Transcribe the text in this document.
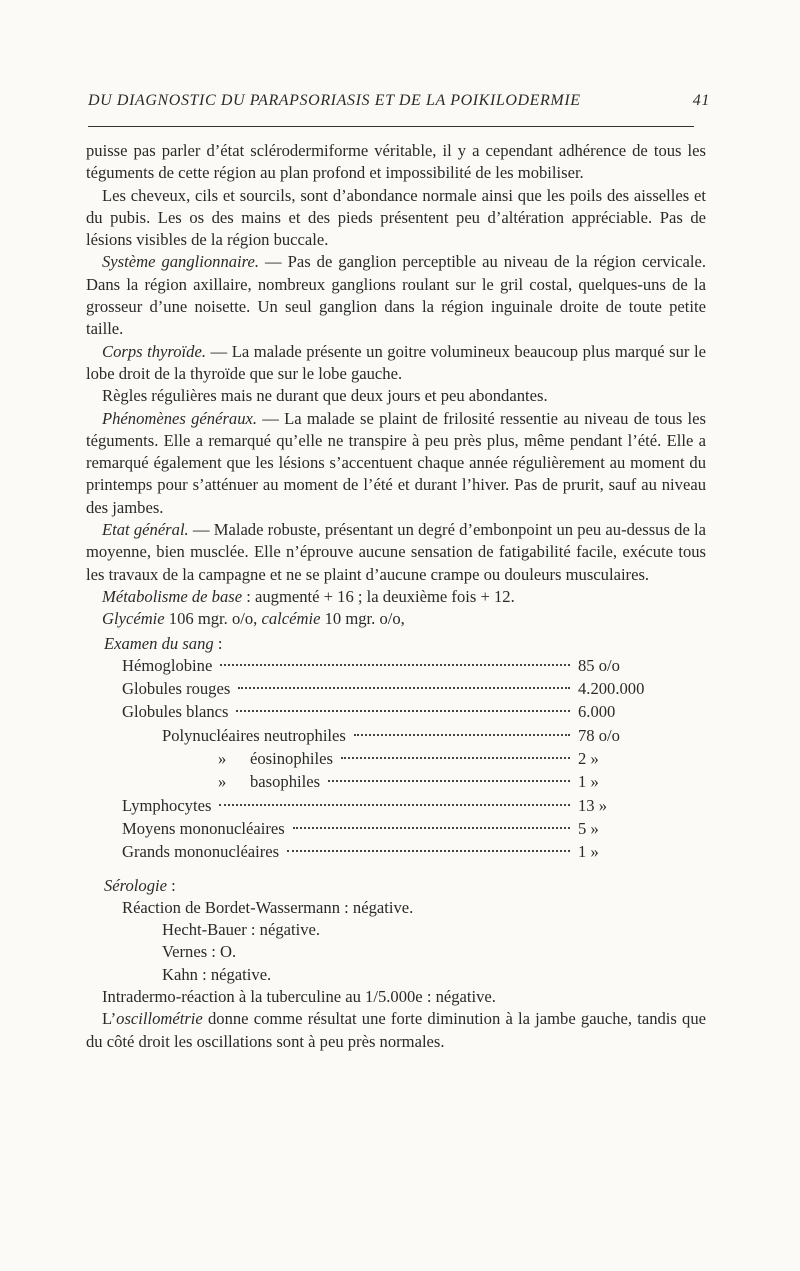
DU DIAGNOSTIC DU PARAPSORIASIS ET DE LA POIKILODERMIE	41

puisse pas parler d’état sclérodermiforme véritable, il y a cependant adhérence de tous les téguments de cette région au plan profond et impossibilité de les mobiliser.

Les cheveux, cils et sourcils, sont d’abondance normale ainsi que les poils des aisselles et du pubis. Les os des mains et des pieds présentent peu d’altération appréciable. Pas de lésions visibles de la région buccale.

Système ganglionnaire. — Pas de ganglion perceptible au niveau de la région cervicale. Dans la région axillaire, nombreux ganglions roulant sur le gril costal, quelques-uns de la grosseur d’une noisette. Un seul ganglion dans la région inguinale droite de toute petite taille.

Corps thyroïde. — La malade présente un goitre volumineux beaucoup plus marqué sur le lobe droit de la thyroïde que sur le lobe gauche.

Règles régulières mais ne durant que deux jours et peu abondantes.

Phénomènes généraux. — La malade se plaint de frilosité ressentie au niveau de tous les téguments. Elle a remarqué qu’elle ne transpire à peu près plus, même pendant l’été. Elle a remarqué également que les lésions s’accentuent chaque année régulièrement au moment du printemps pour s’atténuer au moment de l’été et durant l’hiver. Pas de prurit, sauf au niveau des jambes.

Etat général. — Malade robuste, présentant un degré d’embonpoint un peu au-dessus de la moyenne, bien musclée. Elle n’éprouve aucune sensation de fatigabilité facile, exécute tous les travaux de la campagne et ne se plaint d’aucune crampe ou douleurs musculaires.

Métabolisme de base : augmenté + 16 ; la deuxième fois + 12.

Glycémie 106 mgr. o/o, calcémie 10 mgr. o/o,

Examen du sang :
Hémoglobine	85 o/o
Globules rouges	4.200.000
Globules blancs	6.000
Polynucléaires neutrophiles	78 o/o
» éosinophiles	2 »
» basophiles	1 »
Lymphocytes	13 »
Moyens mononucléaires	5 »
Grands mononucléaires	1 »
Sérologie :
Réaction de Bordet-Wassermann : négative.
Hecht-Bauer : négative.
Vernes : O.
Kahn : négative.

Intradermo-réaction à la tuberculine au 1/5.000e : négative.

L’oscillométrie donne comme résultat une forte diminution à la jambe gauche, tandis que du côté droit les oscillations sont à peu près normales.
